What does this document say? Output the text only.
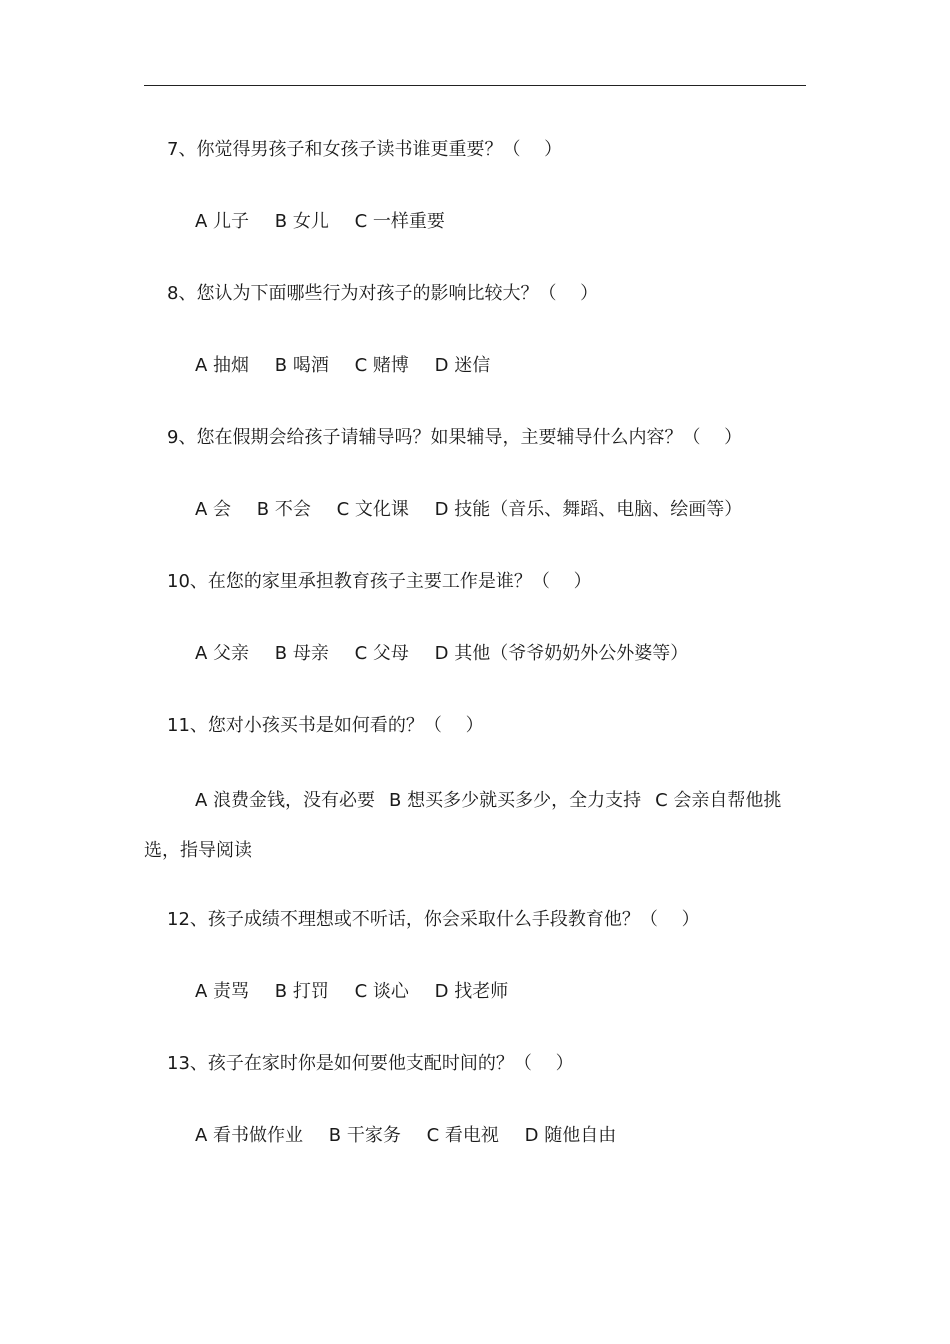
7、你觉得男孩子和女孩子读书谁更重要？（　 ）
A 儿子 B 女儿 C 一样重要
8、您认为下面哪些行为对孩子的影响比较大？（　 ）
A 抽烟 B 喝酒 C 赌博 D 迷信
9、您在假期会给孩子请辅导吗？如果辅导，主要辅导什么内容？（　 ）
A 会 B 不会 C 文化课 D 技能（音乐、舞蹈、电脑、绘画等）
10、在您的家里承担教育孩子主要工作是谁？（　 ）
A 父亲 B 母亲 C 父母 D 其他（爷爷奶奶外公外婆等）
11、您对小孩买书是如何看的？（　 ）
A 浪费金钱，没有必要 B 想买多少就买多少，全力支持 C 会亲自帮他挑选，指导阅读
12、孩子成绩不理想或不听话，你会采取什么手段教育他？（　 ）
A 责骂 B 打罚 C 谈心 D 找老师
13、孩子在家时你是如何要他支配时间的？（　 ）
A 看书做作业 B 干家务 C 看电视 D 随他自由
